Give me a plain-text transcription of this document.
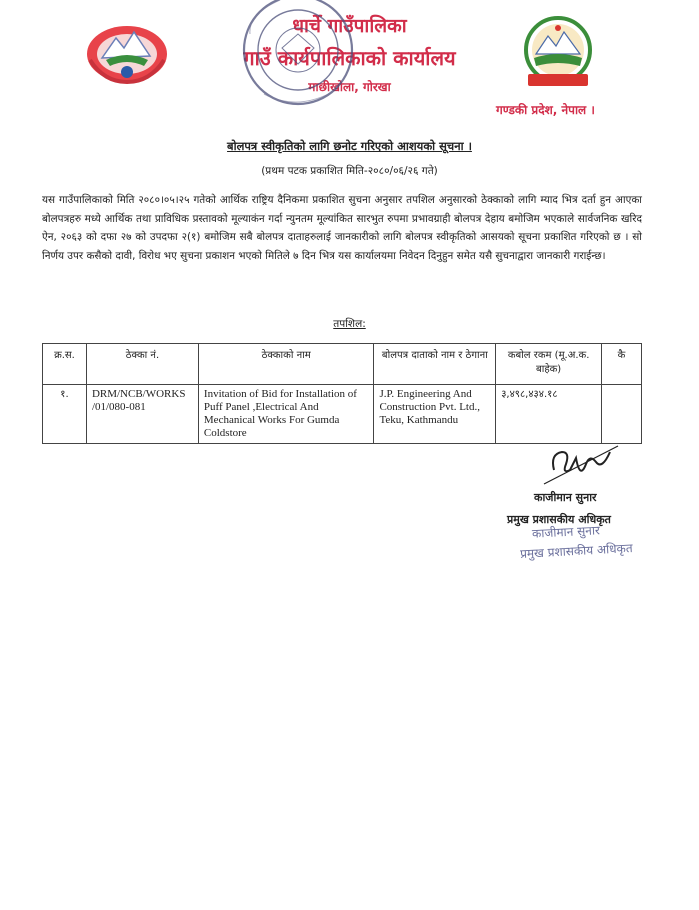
धार्चे गाउँपालिका
गाउँ कार्यपालिकाको कार्यालय
माछीखोला, गोरखा
गण्डकी प्रदेश, नेपाल ।
बोलपत्र स्वीकृतिको लागि छनोट गरिएको आशयको सूचना ।
(प्रथम पटक प्रकाशित मिति-२०८०/०६/२६ गते)
यस गाउँपालिकाको मिति २०८०।०५।२५ गतेको आर्थिक राष्ट्रिय दैनिकमा प्रकाशित सुचना अनुसार तपशिल अनुसारको ठेक्काको लागि म्याद भित्र दर्ता हुन आएका बोलपत्रहरु मध्ये आर्थिक तथा प्राविधिक प्रस्तावको मूल्याकंन गर्दा न्युनतम मूल्यांकित सारभुत रुपमा प्रभावग्राही बोलपत्र देहाय बमोजिम भएकाले सार्वजनिक खरिद ऐन, २०६३ को दफा २७ को उपदफा २(१) बमोजिम सबै बोलपत्र दाताहरुलाई जानकारीको लागि बोलपत्र स्वीकृतिको आसयको सूचना प्रकाशित गरिएको छ । सो निर्णय उपर कसैको दावी, विरोध भए सुचना प्रकाशन भएको मितिले ७ दिन भित्र यस कार्यालयमा निवेदन दिनुहुन समेत यसै सुचनाद्वारा जानकारी गराईन्छ।
तपशिल:
क्र.स.	ठेक्का नं.	ठेक्काको नाम	बोलपत्र दाताको नाम र ठेगाना	कबोल रकम (मू.अ.क. बाहेक)	कै
१.	DRM/NCB/WORKS /01/080-081	Invitation of Bid for Installation of Puff Panel ,Electrical And Mechanical Works For Gumda Coldstore	J.P. Engineering And Construction Pvt. Ltd., Teku, Kathmandu	३,४९८,४३४.१८	
काजीमान सुनार
प्रमुख प्रशासकीय अधिकृत
काजीमान सुनार
प्रमुख प्रशासकीय अधिकृत
